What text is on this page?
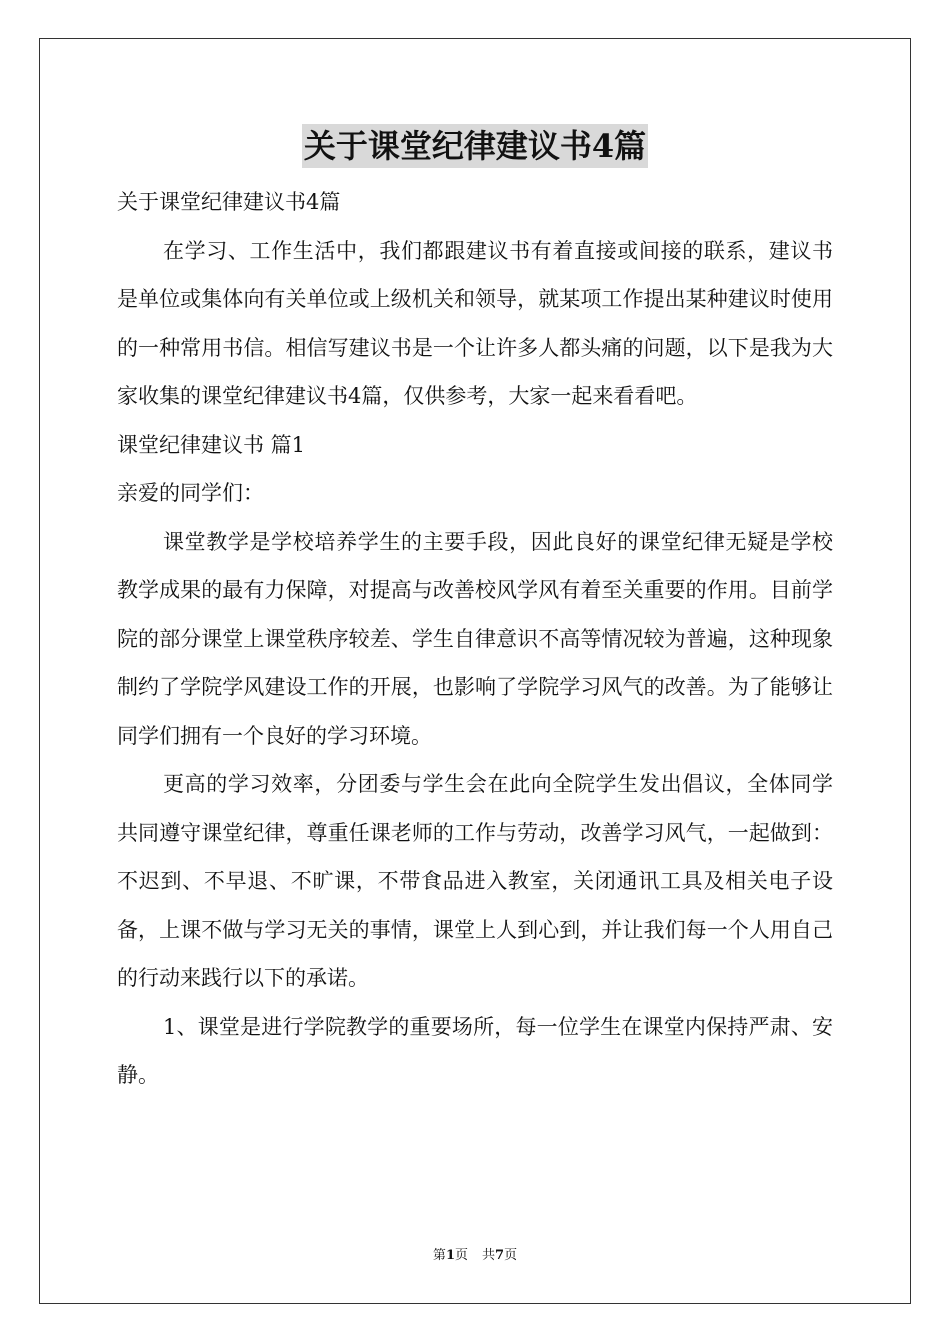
关于课堂纪律建议书4篇

关于课堂纪律建议书4篇

在学习、工作生活中，我们都跟建议书有着直接或间接的联系，建议书是单位或集体向有关单位或上级机关和领导，就某项工作提出某种建议时使用的一种常用书信。相信写建议书是一个让许多人都头痛的问题，以下是我为大家收集的课堂纪律建议书4篇，仅供参考，大家一起来看看吧。

课堂纪律建议书 篇1

亲爱的同学们：

课堂教学是学校培养学生的主要手段，因此良好的课堂纪律无疑是学校教学成果的最有力保障，对提高与改善校风学风有着至关重要的作用。目前学院的部分课堂上课堂秩序较差、学生自律意识不高等情况较为普遍，这种现象制约了学院学风建设工作的开展，也影响了学院学习风气的改善。为了能够让同学们拥有一个良好的学习环境。

更高的学习效率，分团委与学生会在此向全院学生发出倡议，全体同学共同遵守课堂纪律，尊重任课老师的工作与劳动，改善学习风气，一起做到：不迟到、不早退、不旷课，不带食品进入教室，关闭通讯工具及相关电子设备，上课不做与学习无关的事情，课堂上人到心到，并让我们每一个人用自己的行动来践行以下的承诺。

1、课堂是进行学院教学的重要场所，每一位学生在课堂内保持严肃、安静。

第1页 共7页
